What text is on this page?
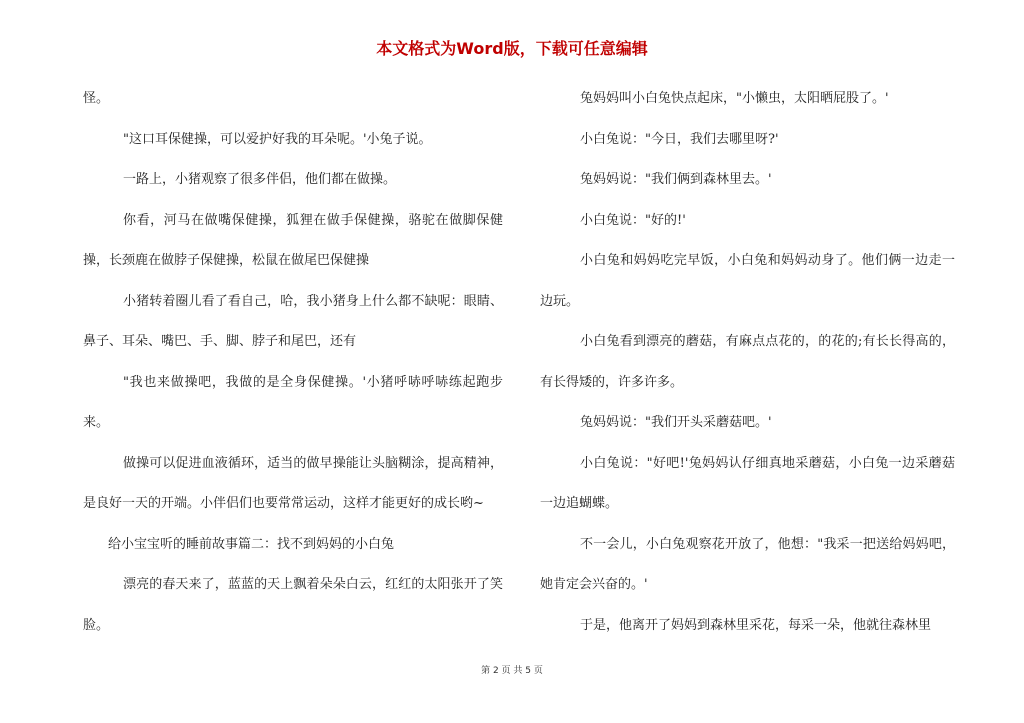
本文格式为Word版，下载可任意编辑

怪。

"这口耳保健操，可以爱护好我的耳朵呢。'小兔子说。

一路上，小猪观察了很多伴侣，他们都在做操。

你看，河马在做嘴保健操，狐狸在做手保健操，骆驼在做脚保健操，长颈鹿在做脖子保健操，松鼠在做尾巴保健操

小猪转着圈儿看了看自己，哈，我小猪身上什么都不缺呢：眼睛、鼻子、耳朵、嘴巴、手、脚、脖子和尾巴，还有

"我也来做操吧，我做的是全身保健操。'小猪呼哧呼哧练起跑步来。

做操可以促进血液循环，适当的做早操能让头脑糊涂，提高精神，是良好一天的开端。小伴侣们也要常常运动，这样才能更好的成长哟~

给小宝宝听的睡前故事篇二：找不到妈妈的小白兔

漂亮的春天来了，蓝蓝的天上飘着朵朵白云，红红的太阳张开了笑脸。

兔妈妈叫小白兔快点起床，"小懒虫，太阳晒屁股了。'

小白兔说："今日，我们去哪里呀?'

兔妈妈说："我们俩到森林里去。'

小白兔说："好的!'

小白兔和妈妈吃完早饭，小白兔和妈妈动身了。他们俩一边走一边玩。

小白兔看到漂亮的蘑菇，有麻点点花的，的花的;有长长得高的，有长得矮的，许多许多。

兔妈妈说："我们开头采蘑菇吧。'

小白兔说："好吧!'兔妈妈认仔细真地采蘑菇，小白兔一边采蘑菇一边追蝴蝶。

不一会儿，小白兔观察花开放了，他想："我采一把送给妈妈吧，她肯定会兴奋的。'

于是，他离开了妈妈到森林里采花，每采一朵，他就往森林里

第 2 页 共 5 页
